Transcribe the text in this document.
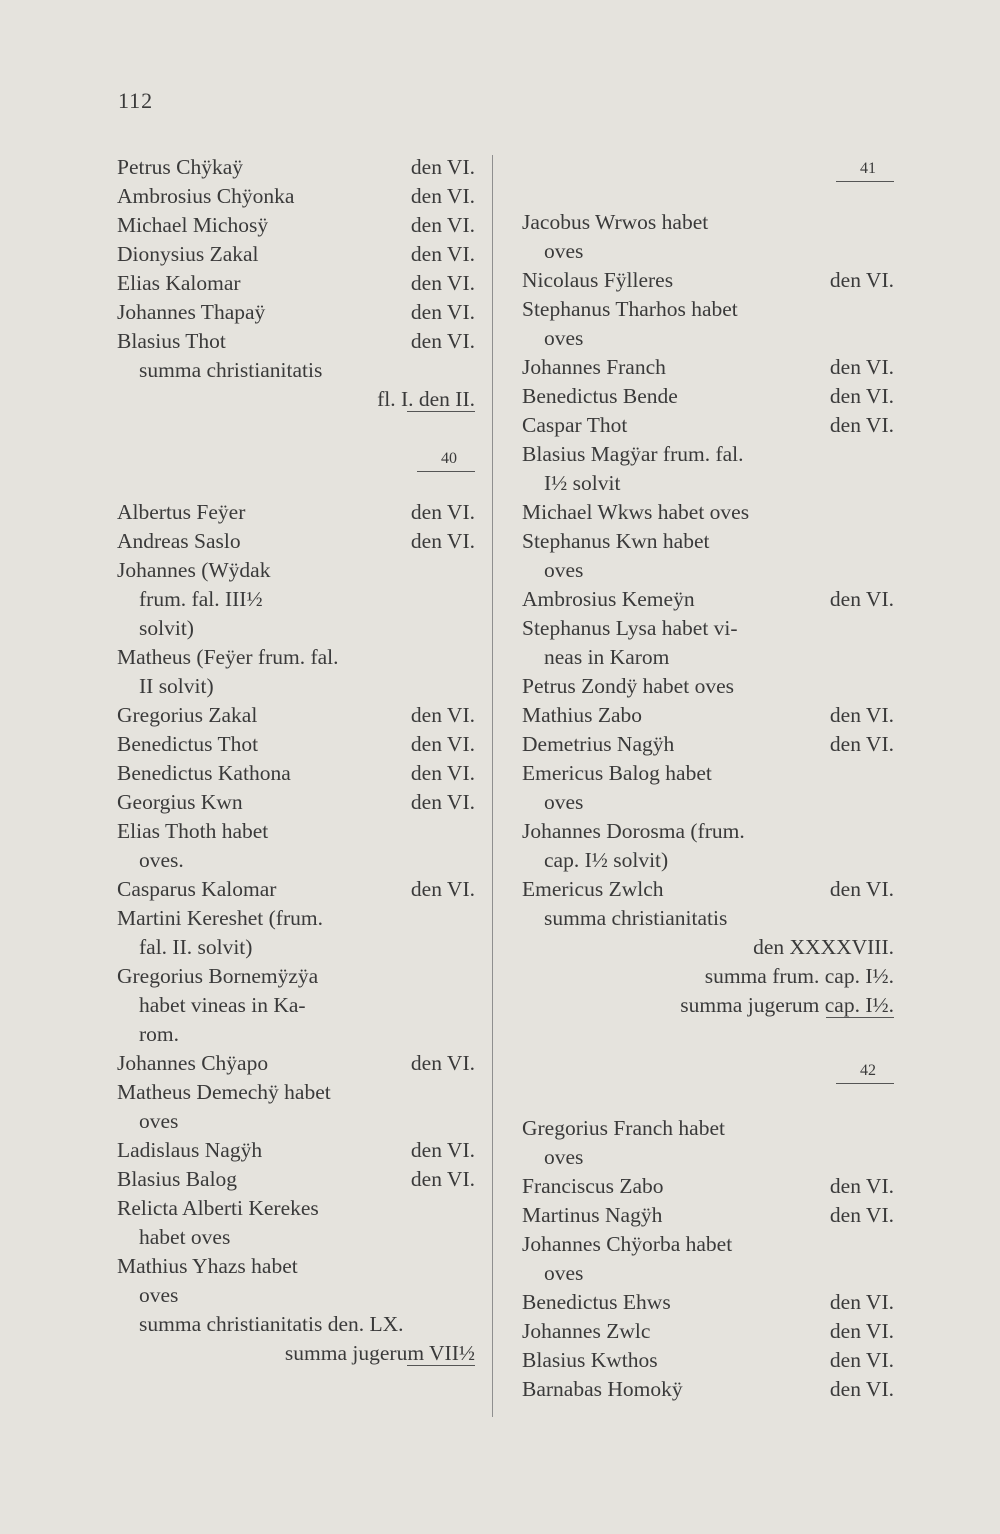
112
Petrus Chÿkaÿ	den VI.
Ambrosius Chÿonka	den VI.
Michael Michosÿ	den VI.
Dionysius Zakal	den VI.
Elias Kalomar	den VI.
Johannes Thapaÿ	den VI.
Blasius Thot	den VI.
summa christianitatis
fl. I. den II.
40
Albertus Feÿer	den VI.
Andreas Saslo	den VI.
Johannes (Wÿdak
frum. fal. III½
solvit)
Matheus (Feÿer frum. fal.
II solvit)
Gregorius Zakal	den VI.
Benedictus Thot	den VI.
Benedictus Kathona	den VI.
Georgius Kwn	den VI.
Elias Thoth habet
oves.
Casparus Kalomar	den VI.
Martini Kereshet (frum.
fal. II. solvit)
Gregorius Bornemÿzÿa
habet vineas in Ka-
rom.
Johannes Chÿapo	den VI.
Matheus Demechÿ habet
oves
Ladislaus Nagÿh	den VI.
Blasius Balog	den VI.
Relicta Alberti Kerekes
habet oves
Mathius Yhazs habet
oves
summa christianitatis den. LX.
summa jugerum VII½
41
Jacobus Wrwos habet
oves
Nicolaus Fÿlleres	den VI.
Stephanus Tharhos habet
oves
Johannes Franch	den VI.
Benedictus Bende	den VI.
Caspar Thot	den VI.
Blasius Magÿar frum. fal.
I½ solvit
Michael Wkws habet oves
Stephanus Kwn habet
oves
Ambrosius Kemeÿn	den VI.
Stephanus Lysa habet vi-
neas in Karom
Petrus Zondÿ habet oves
Mathius Zabo	den VI.
Demetrius Nagÿh	den VI.
Emericus Balog habet
oves
Johannes Dorosma (frum.
cap. I½ solvit)
Emericus Zwlch	den VI.
summa christianitatis
den XXXXVIII.
summa frum. cap. I½.
summa jugerum cap. I½.
42
Gregorius Franch habet
oves
Franciscus Zabo	den VI.
Martinus Nagÿh	den VI.
Johannes Chÿorba habet
oves
Benedictus Ehws	den VI.
Johannes Zwlc	den VI.
Blasius Kwthos	den VI.
Barnabas Homokÿ	den VI.
